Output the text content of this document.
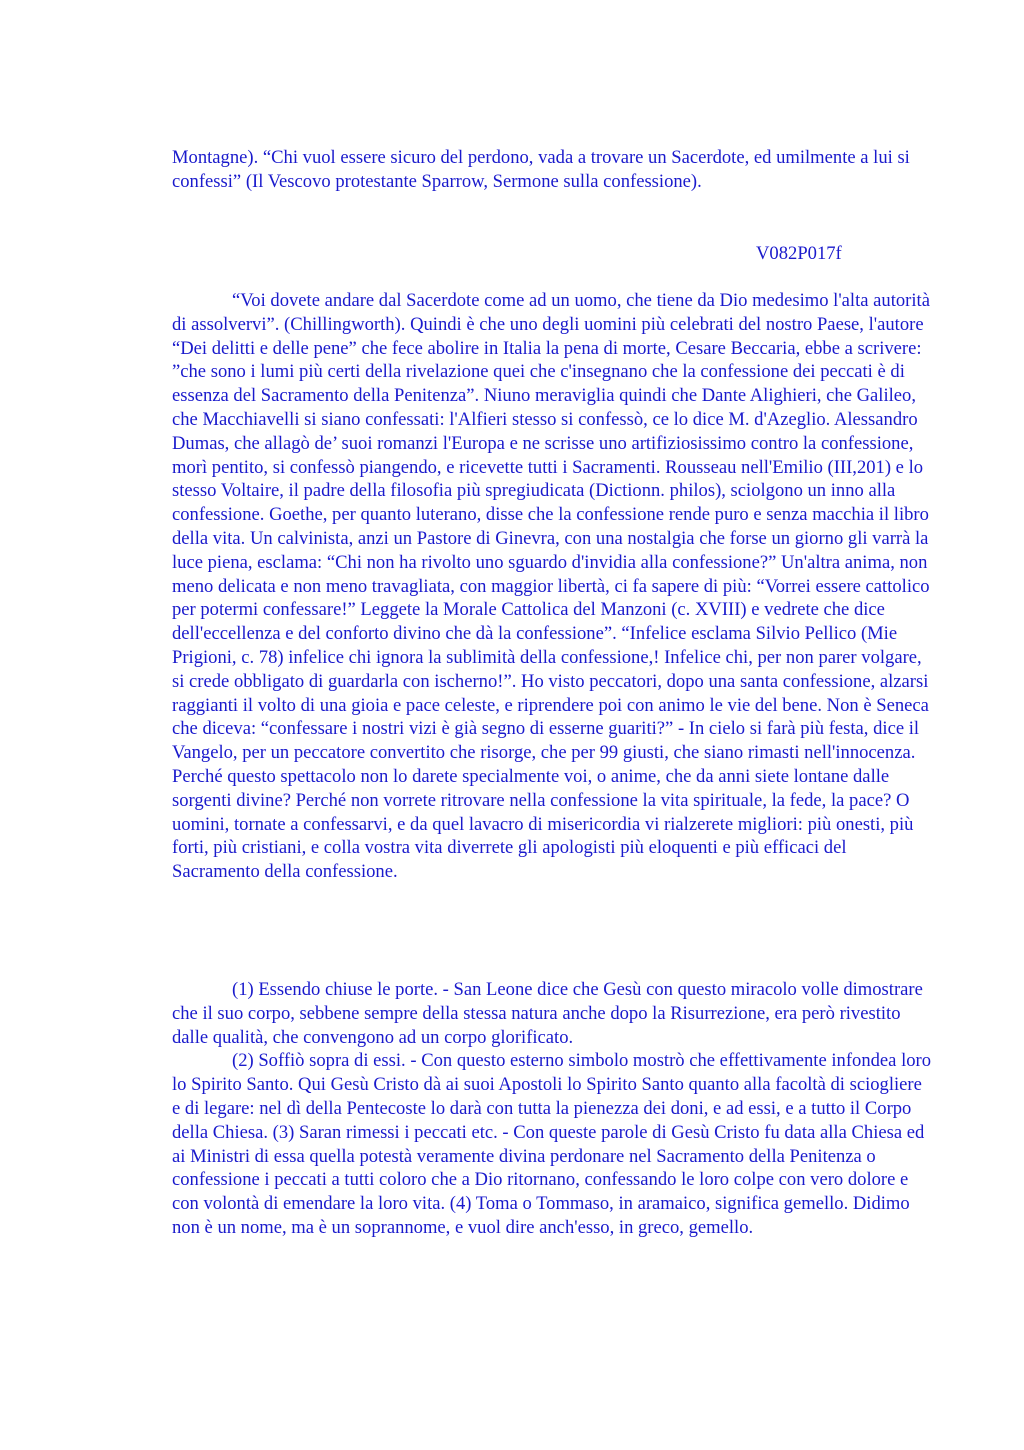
Montagne). “Chi vuol essere sicuro del perdono, vada a trovare un Sacerdote, ed umilmente a lui si confessi” (Il Vescovo protestante Sparrow, Sermone sulla confessione).

V082P017f

“Voi dovete andare dal Sacerdote come ad un uomo, che tiene da Dio medesimo l'alta autorità di assolvervi”. (Chillingworth). Quindi è che uno degli uomini più celebrati del nostro Paese, l'autore “Dei delitti e delle pene” che fece abolire in Italia la pena di morte, Cesare Beccaria, ebbe a scrivere: ”che sono i lumi più certi della rivelazione quei che c'insegnano che la confessione dei peccati è di essenza del Sacramento della Penitenza”. Niuno meraviglia quindi che Dante Alighieri, che Galileo, che Macchiavelli si siano confessati: l'Alfieri stesso si confessò, ce lo dice M. d'Azeglio. Alessandro Dumas, che allagò de’ suoi romanzi l'Europa e ne scrisse uno artifiziosissimo contro la confessione, morì pentito, si confessò piangendo, e ricevette tutti i Sacramenti. Rousseau nell'Emilio (III,201) e lo stesso Voltaire, il padre della filosofia più spregiudicata (Dictionn. philos), sciolgono un inno alla confessione. Goethe, per quanto luterano, disse che la confessione rende puro e senza macchia il libro della vita. Un calvinista, anzi un Pastore di Ginevra, con una nostalgia che forse un giorno gli varrà la luce piena, esclama: “Chi non ha rivolto uno sguardo d'invidia alla confessione?” Un'altra anima, non meno delicata e non meno travagliata, con maggior libertà, ci fa sapere di più: “Vorrei essere cattolico per potermi confessare!” Leggete la Morale Cattolica del Manzoni (c. XVIII) e vedrete che dice dell'eccellenza e del conforto divino che dà la confessione”. “Infelice esclama Silvio Pellico (Mie Prigioni, c. 78) infelice chi ignora la sublimità della confessione,! Infelice chi, per non parer volgare, si crede obbligato di guardarla con ischerno!”. Ho visto peccatori, dopo una santa confessione, alzarsi raggianti il volto di una gioia e pace celeste, e riprendere poi con animo le vie del bene. Non è Seneca che diceva: “confessare i nostri vizi è già segno di esserne guariti?” - In cielo si farà più festa, dice il Vangelo, per un peccatore convertito che risorge, che per 99 giusti, che siano rimasti nell'innocenza. Perché questo spettacolo non lo darete specialmente voi, o anime, che da anni siete lontane dalle sorgenti divine? Perché non vorrete ritrovare nella confessione la vita spirituale, la fede, la pace? O uomini, tornate a confessarvi, e da quel lavacro di misericordia vi rialzerete migliori: più onesti, più forti, più cristiani, e colla vostra vita diverrete gli apologisti più eloquenti e più efficaci del Sacramento della confessione.

(1) Essendo chiuse le porte. - San Leone dice che Gesù con questo miracolo volle dimostrare che il suo corpo, sebbene sempre della stessa natura anche dopo la Risurrezione, era però rivestito dalle qualità, che convengono ad un corpo glorificato.

(2) Soffiò sopra di essi. - Con questo esterno simbolo mostrò che effettivamente infondea loro lo Spirito Santo. Qui Gesù Cristo dà ai suoi Apostoli lo Spirito Santo quanto alla facoltà di sciogliere e di legare: nel dì della Pentecoste lo darà con tutta la pienezza dei doni, e ad essi, e a tutto il Corpo della Chiesa. (3) Saran rimessi i peccati etc. - Con queste parole di Gesù Cristo fu data alla Chiesa ed ai Ministri di essa quella potestà veramente divina perdonare nel Sacramento della Penitenza o confessione i peccati a tutti coloro che a Dio ritornano, confessando le loro colpe con vero dolore e con volontà di emendare la loro vita. (4) Toma o Tommaso, in aramaico, significa gemello. Didimo non è un nome, ma è un soprannome, e vuol dire anch'esso, in greco, gemello.
